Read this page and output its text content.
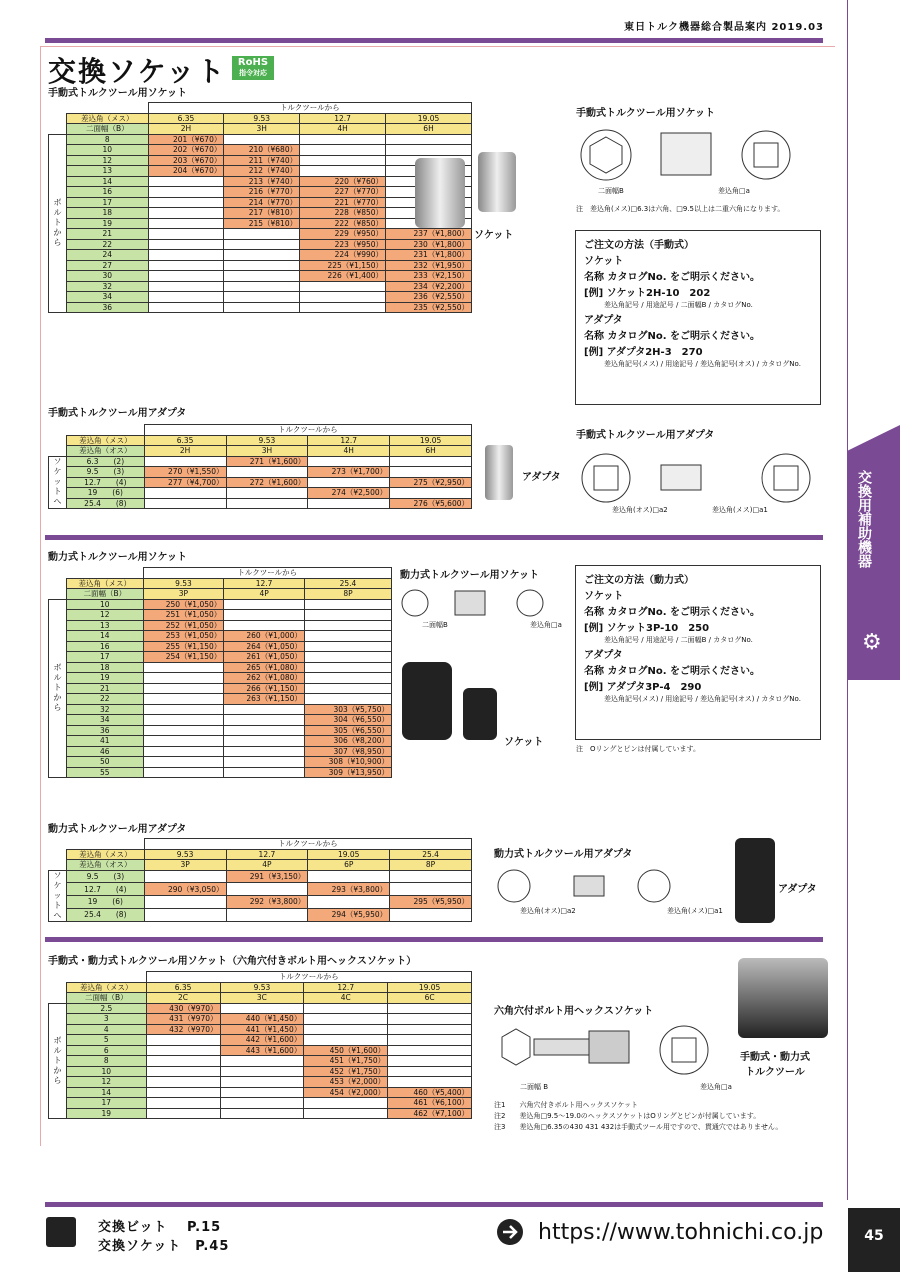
東日トルク機器総合製品案内 2019.03
交換ソケット	RoHS
指令対応
手動式トルクツール用ソケット
		トルクツールから			
	差込角（メス）	6.35	9.53	12.7	19.05
	二面幅（B）	2H	3H	4H	6H
ボルトから	8	201（¥670）			
	10	202（¥670）	210（¥680）		
	12	203（¥670）	211（¥740）		
	13	204（¥670）	212（¥740）		
	14		213（¥740）	220（¥760）	
	16		216（¥770）	227（¥770）	
	17		214（¥770）	221（¥770）	
	18		217（¥810）	228（¥850）	
	19		215（¥810）	222（¥850）	
	21			229（¥950）	237（¥1,800）
	22			223（¥950）	230（¥1,800）
	24			224（¥990）	231（¥1,800）
	27			225（¥1,150）	232（¥1,950）
	30			226（¥1,400）	233（¥2,150）
	32				234（¥2,200）
	34				236（¥2,550）
	36				235（¥2,550）
ソケット
手動式トルクツール用ソケット
二面幅B	差込角□a
注　差込角(メス)□6.3は六角、□9.5以上は二重六角になります。
ご注文の方法（手動式）
ソケット
名称 カタログNo. をご明示ください。
[例] ソケット2H-10　202
差込角記号 / 用途記号 / 二面幅B / カタログNo.
アダプタ
名称 カタログNo. をご明示ください。
[例] アダプタ2H-3　270
差込角記号(メス) / 用途記号 / 差込角記号(オス) / カタログNo.
手動式トルクツール用アダプタ
		トルクツールから			
	差込角（メス）	6.35	9.53	12.7	19.05
	差込角（オス）	2H	3H	4H	6H
ソケットへ	6.3　　(2)		271（¥1,600）		
	9.5　　(3)	270（¥1,550）		273（¥1,700）	
	12.7　　(4)	277（¥4,700）	272（¥1,600）		275（¥2,950）
	19　　(6)			274（¥2,500）	
	25.4　　(8)				276（¥5,600）
アダプタ
手動式トルクツール用アダプタ
差込角(オス)□a2	差込角(メス)□a1
動力式トルクツール用ソケット
		トルクツールから		
	差込角（メス）	9.53	12.7	25.4
	二面幅（B）	3P	4P	8P
ボルトから	10	250（¥1,050）		
	12	251（¥1,050）		
	13	252（¥1,050）		
	14	253（¥1,050）	260（¥1,000）	
	16	255（¥1,150）	264（¥1,050）	
	17	254（¥1,150）	261（¥1,050）	
	18		265（¥1,080）	
	19		262（¥1,080）	
	21		266（¥1,150）	
	22		263（¥1,150）	
	32			303（¥5,750）
	34			304（¥6,550）
	36			305（¥6,550）
	41			306（¥8,200）
	46			307（¥8,950）
	50			308（¥10,900）
	55			309（¥13,950）
動力式トルクツール用ソケット
二面幅B	差込角□a
ソケット
ご注文の方法（動力式）
ソケット
名称 カタログNo. をご明示ください。
[例] ソケット3P-10　250
差込角記号 / 用途記号 / 二面幅B / カタログNo.
アダプタ
名称 カタログNo. をご明示ください。
[例] アダプタ3P-4　290
差込角記号(メス) / 用途記号 / 差込角記号(オス) / カタログNo.
注　Oリングとピンは付属しています。
動力式トルクツール用アダプタ
		トルクツールから			
	差込角（メス）	9.53	12.7	19.05	25.4
	差込角（オス）	3P	4P	6P	8P
ソケットへ	9.5　　(3)		291（¥3,150）		
	12.7　　(4)	290（¥3,050）		293（¥3,800）	
	19　　(6)		292（¥3,800）		295（¥5,950）
	25.4　　(8)			294（¥5,950）	
動力式トルクツール用アダプタ
差込角(オス)□a2	差込角(メス)□a1
アダプタ
手動式・動力式トルクツール用ソケット（六角穴付きボルト用ヘックスソケット）
		トルクツールから			
	差込角（メス）	6.35	9.53	12.7	19.05
	二面幅（B）	2C	3C	4C	6C
ボルトから	2.5	430（¥970）			
	3	431（¥970）	440（¥1,450）		
	4	432（¥970）	441（¥1,450）		
	5		442（¥1,600）		
	6		443（¥1,600）	450（¥1,600）	
	8			451（¥1,750）	
	10			452（¥1,750）	
	12			453（¥2,000）	
	14			454（¥2,000）	460（¥5,400）
	17				461（¥6,100）
	19				462（¥7,100）
六角穴付ボルト用ヘックスソケット
二面幅 B	差込角□a
手動式・動力式
トルクツール
注1　　六角穴付きボルト用ヘックスソケット
注2　　差込角□9.5～19.0のヘックスソケットはOリングとピンが付属しています。
注3　　差込角□6.35の430 431 432は手動式ツール用ですので、貫通穴ではありません。
交換用補助機器
⚙
交換ビット　 P.15
交換ソケット　P.45
https://www.tohnichi.co.jp	45
